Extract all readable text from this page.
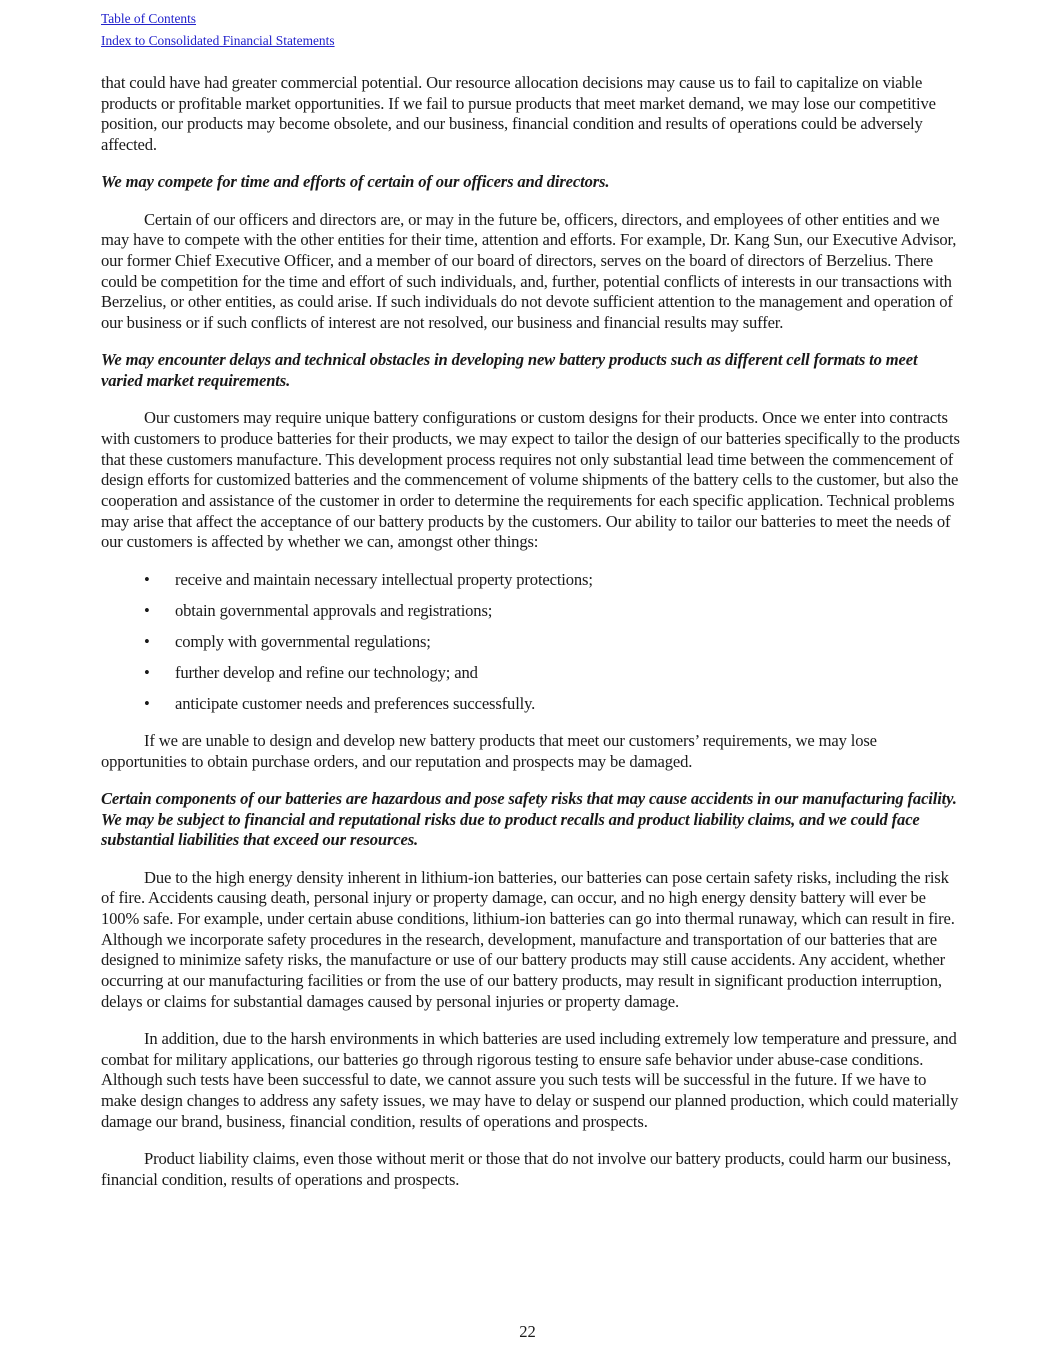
Table of Contents
Index to Consolidated Financial Statements

that could have had greater commercial potential. Our resource allocation decisions may cause us to fail to capitalize on viable products or profitable market opportunities. If we fail to pursue products that meet market demand, we may lose our competitive position, our products may become obsolete, and our business, financial condition and results of operations could be adversely affected.

We may compete for time and efforts of certain of our officers and directors.

Certain of our officers and directors are, or may in the future be, officers, directors, and employees of other entities and we may have to compete with the other entities for their time, attention and efforts. For example, Dr. Kang Sun, our Executive Advisor, our former Chief Executive Officer, and a member of our board of directors, serves on the board of directors of Berzelius. There could be competition for the time and effort of such individuals, and, further, potential conflicts of interests in our transactions with Berzelius, or other entities, as could arise. If such individuals do not devote sufficient attention to the management and operation of our business or if such conflicts of interest are not resolved, our business and financial results may suffer.

We may encounter delays and technical obstacles in developing new battery products such as different cell formats to meet varied market requirements.

Our customers may require unique battery configurations or custom designs for their products. Once we enter into contracts with customers to produce batteries for their products, we may expect to tailor the design of our batteries specifically to the products that these customers manufacture. This development process requires not only substantial lead time between the commencement of design efforts for customized batteries and the commencement of volume shipments of the battery cells to the customer, but also the cooperation and assistance of the customer in order to determine the requirements for each specific application. Technical problems may arise that affect the acceptance of our battery products by the customers. Our ability to tailor our batteries to meet the needs of our customers is affected by whether we can, amongst other things:

• receive and maintain necessary intellectual property protections;
• obtain governmental approvals and registrations;
• comply with governmental regulations;
• further develop and refine our technology; and
• anticipate customer needs and preferences successfully.

If we are unable to design and develop new battery products that meet our customers’ requirements, we may lose opportunities to obtain purchase orders, and our reputation and prospects may be damaged.

Certain components of our batteries are hazardous and pose safety risks that may cause accidents in our manufacturing facility. We may be subject to financial and reputational risks due to product recalls and product liability claims, and we could face substantial liabilities that exceed our resources.

Due to the high energy density inherent in lithium-ion batteries, our batteries can pose certain safety risks, including the risk of fire. Accidents causing death, personal injury or property damage, can occur, and no high energy density battery will ever be 100% safe. For example, under certain abuse conditions, lithium-ion batteries can go into thermal runaway, which can result in fire. Although we incorporate safety procedures in the research, development, manufacture and transportation of our batteries that are designed to minimize safety risks, the manufacture or use of our battery products may still cause accidents. Any accident, whether occurring at our manufacturing facilities or from the use of our battery products, may result in significant production interruption, delays or claims for substantial damages caused by personal injuries or property damage.

In addition, due to the harsh environments in which batteries are used including extremely low temperature and pressure, and combat for military applications, our batteries go through rigorous testing to ensure safe behavior under abuse-case conditions. Although such tests have been successful to date, we cannot assure you such tests will be successful in the future. If we have to make design changes to address any safety issues, we may have to delay or suspend our planned production, which could materially damage our brand, business, financial condition, results of operations and prospects.

Product liability claims, even those without merit or those that do not involve our battery products, could harm our business, financial condition, results of operations and prospects.

22
